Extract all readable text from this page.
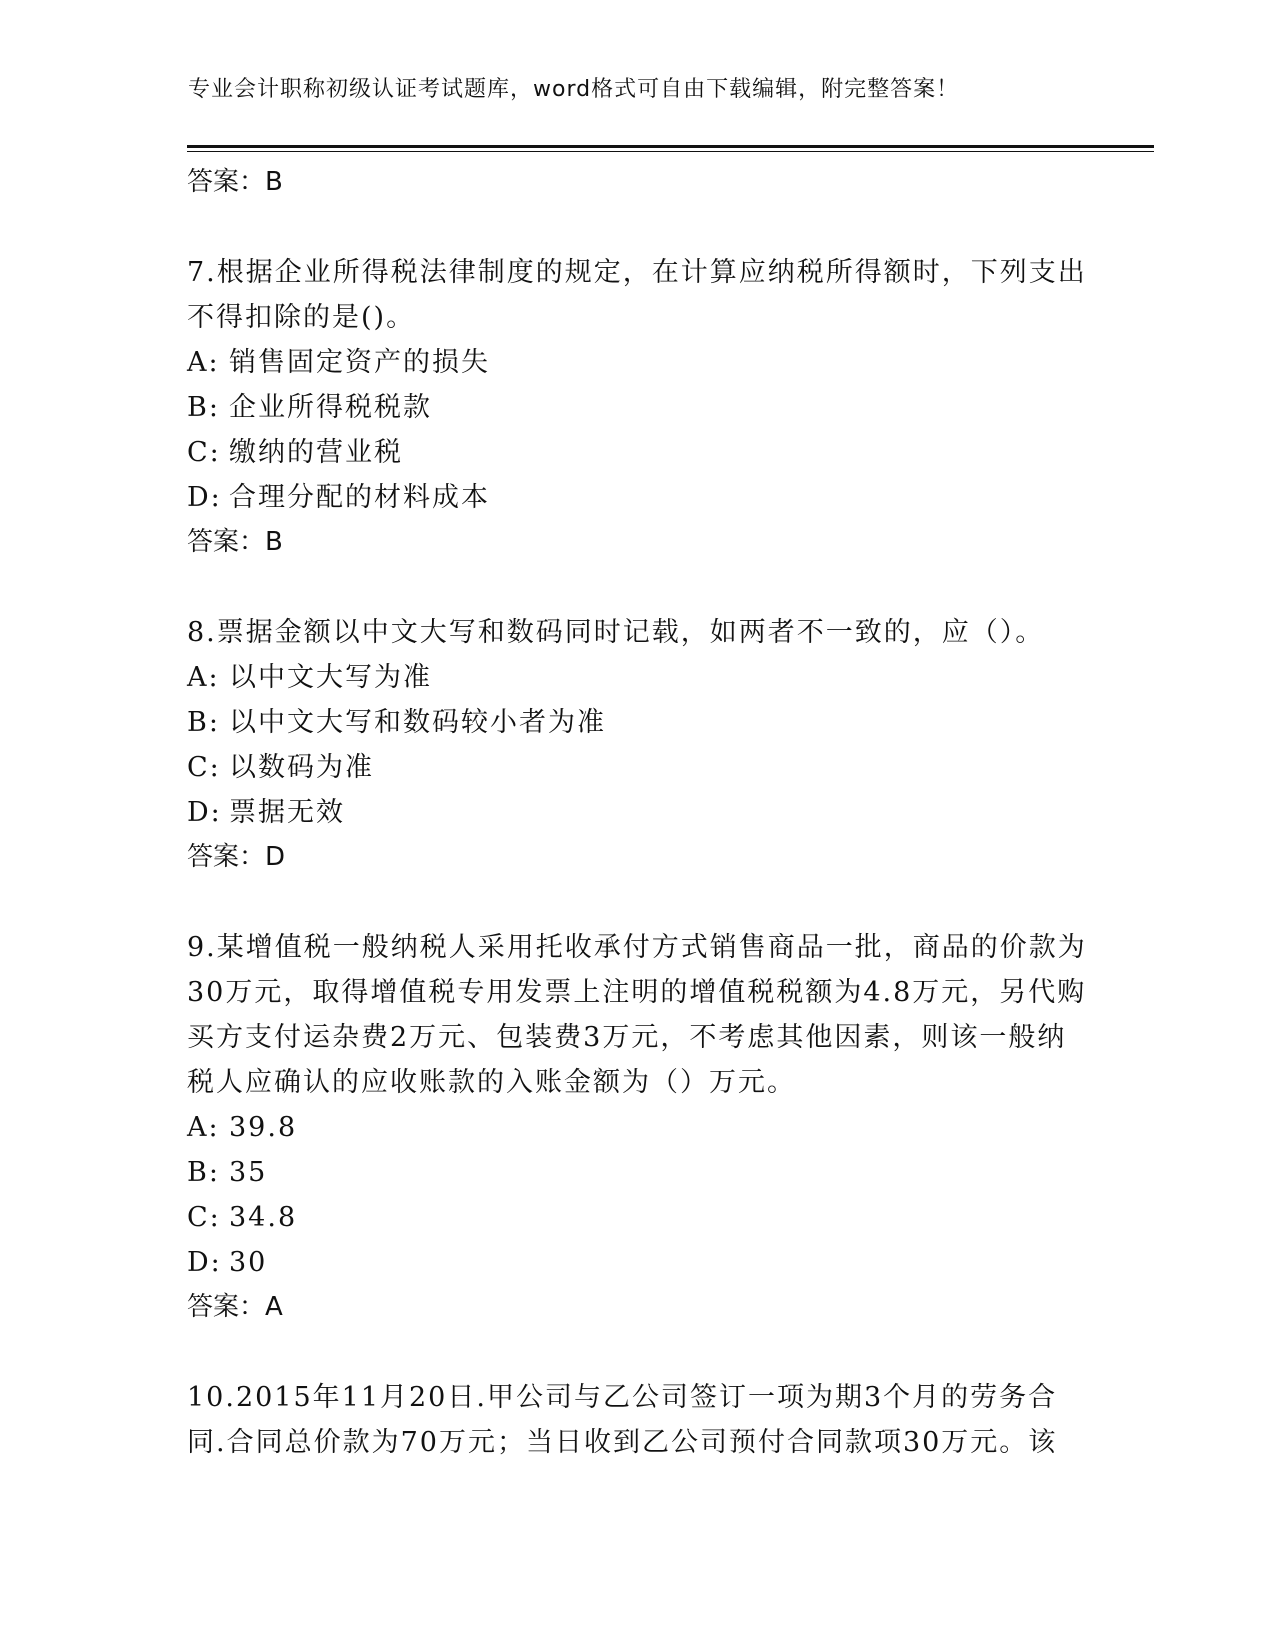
专业会计职称初级认证考试题库，word格式可自由下载编辑，附完整答案！
答案：B
7.根据企业所得税法律制度的规定，在计算应纳税所得额时，下列支出不得扣除的是()。
A: 销售固定资产的损失
B: 企业所得税税款
C: 缴纳的营业税
D: 合理分配的材料成本
答案：B
8.票据金额以中文大写和数码同时记载，如两者不一致的，应（）。
A: 以中文大写为准
B: 以中文大写和数码较小者为准
C: 以数码为准
D: 票据无效
答案：D
9.某增值税一般纳税人采用托收承付方式销售商品一批，商品的价款为30万元，取得增值税专用发票上注明的增值税税额为4.8万元，另代购买方支付运杂费2万元、包装费3万元，不考虑其他因素，则该一般纳税人应确认的应收账款的入账金额为（）万元。
A: 39.8
B: 35
C: 34.8
D: 30
答案：A
10.2015年11月20日.甲公司与乙公司签订一项为期3个月的劳务合同.合同总价款为70万元；当日收到乙公司预付合同款项30万元。该
